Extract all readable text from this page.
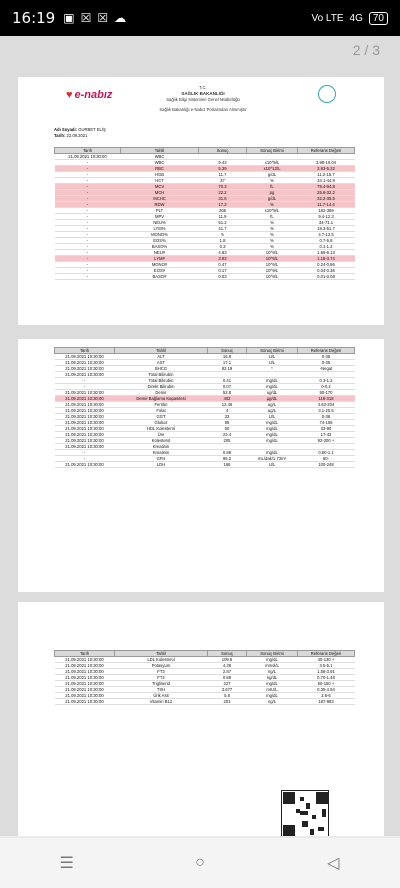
16:19 ▣ ☒ ☒ ☁	Vo LTE 4G	70
2 / 3
♥ e-nabız
T.C.
SAĞLIK BAKANLIĞI
Sağlık Bilgi Sistemleri Genel Müdürlüğü
Sağlık Bakanlığı e-Nabız Portalından Alınmıştır
Adı Soyadı: GURBET ELİŞ
Tarih: 22.09.2021
Tarih	Tahlil	Sonuç	Sonuç Birimi	Referans Değeri
21.09.2021 10:30:00	WBC			
-	WBC	9.43	x10^9/L	3.98-10.04
-	RBC	5.39	x10^12/L	3.93-5.22
-	HGB	11.7	g/dL	11.2-15.7
-	HCT	37	%	34.1-44.9
-	MCV	70.3	fL	79.4-94.8
-	MCH	22.2	pg	25.6-32.2
-	MCHC	31.6	g/dL	32.2-35.5
-	RDW	17.2	%	11.7-14.4
-	PLT	265	x10^9/L	182-369
-	MPV	11.9	fL	9.4-12.3
-	NEU%	51.2	%	34-71.1
-	LYM%	41.7	%	19.3-51.7
-	MONO%	5	%	4.7-12.5
-	EOS%	1.8	%	0.7-5.8
-	BASO%	0.3	%	0.1-1.2
-	NEU#	4.83	10^9/L	1.56-6.13
-	LYM#	3.93	10^9/L	1.18-3.74
-	MONO#	0.47	10^9/L	0.24-0.86
-	EOS#	0.17	10^9/L	0.04-0.36
-	BASO#	0.03	10^9/L	0.01-0.08
Tarih	Tahlil	Sonuç	Sonuç Birimi	Referans Değeri
21.09.2021 10:30:00	ALT	16.9	U/L	0-35
21.09.2021 10:30:00	AST	17.1	U/L	0-35
21.09.2021 10:30:00	BHCG	82.19	*	-Negat
21.09.2021 10:30:00	Total Bilirubin			
-	Total Bilirubin	0.41	mg/dL	0.3-1.2
-	Direkt Bilirubin	0.07	mg/dL	0-0.2
21.09.2021 10:30:00	Demir	52.8	ug/dL	50-170
21.09.2021 10:30:00	Demir Bağlama Kapasitesi	402	µg/dL	118-318
21.09.2021 10:30:00	Ferritin	12.46	ug/L	4.63-204
21.09.2021 10:30:00	Folat	4	ug/L	3.1-20.5
21.09.2021 10:30:00	GGT	33	U/L	0-36
21.09.2021 10:30:00	Glukoz	95	mg/dL	74-106
21.09.2021 10:30:00	HDL Kolesterol	50	mg/dL	33-90
21.09.2021 10:30:00	Üre	23.4	mg/dL	17-43
21.09.2021 10:30:00	Kolesterol	205	mg/dL	92-200 +
21.09.2021 10:30:00	Kreatinin			
-	Kreatinin	0.86	mg/dL	0.60-1.1
-	GFH	96.2	mL/dak/1.73m²	60-
21.09.2021 10:30:00	LDH	166	U/L	100-248
Tarih	Tahlil	Sonuç	Sonuç Birimi	Referans Değeri
21.09.2021 10:30:00	LDL Kolesterol	109.6	mg/dL	40-130 +
21.09.2021 10:30:00	Potasyum	4.39	mmol/L	3.5-5.1
21.09.2021 10:30:00	FT3	2.87	ng/L	1.58-3.91
21.09.2021 10:30:00	FT4	0.88	ng/dL	0.70-1.48
21.09.2021 10:30:00	Trigliserid	227	mg/dL	50-150 +
21.09.2021 10:30:00	TSH	3.677	mIU/L	0.35-4.94
21.09.2021 10:30:00	Ürik Asit	5.8	mg/dL	2.6-6
21.09.2021 10:30:00	Vitamin B12	201	ng/L	187-883
☰	○	◁
